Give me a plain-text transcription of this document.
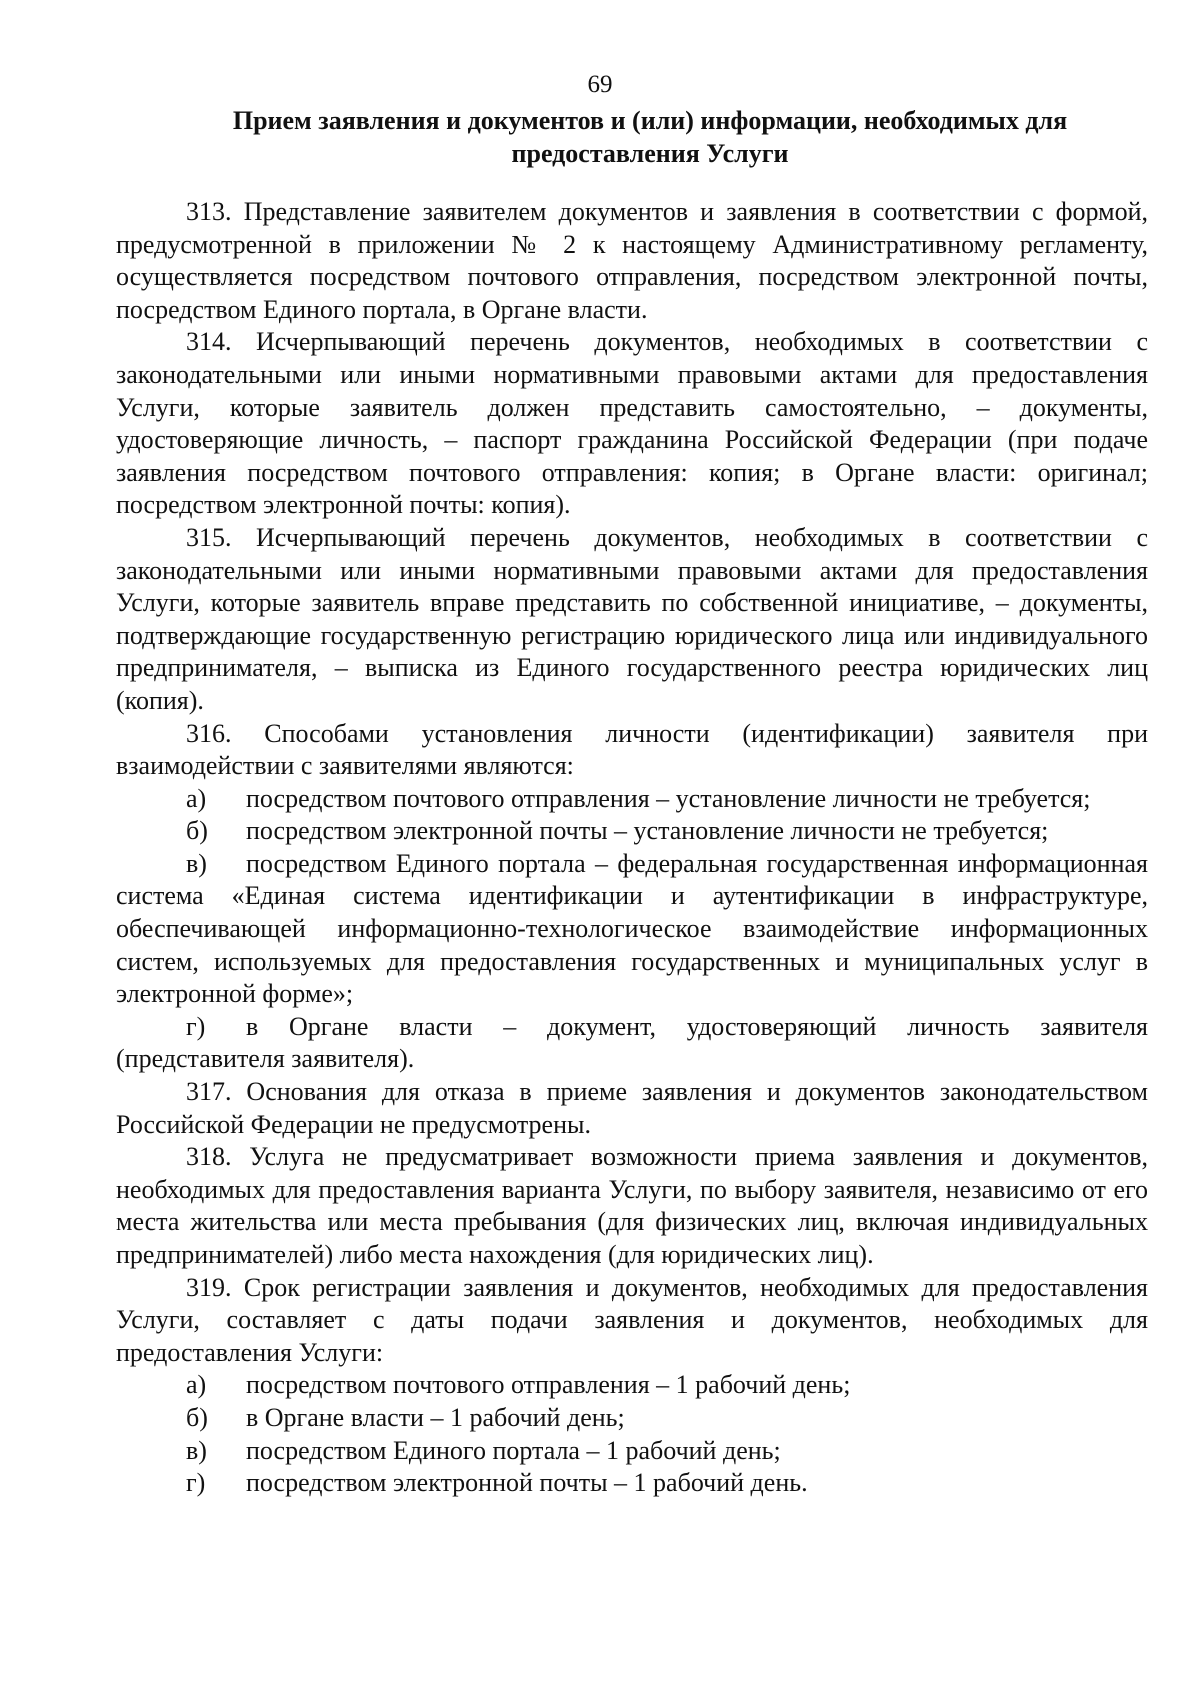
69
Прием заявления и документов и (или) информации, необходимых для
предоставления Услуги

313. Представление заявителем документов и заявления в соответствии с формой, предусмотренной в приложении № 2 к настоящему Административному регламенту, осуществляется посредством почтового отправления, посредством электронной почты, посредством Единого портала, в Органе власти.

314. Исчерпывающий перечень документов, необходимых в соответствии с законодательными или иными нормативными правовыми актами для предоставления Услуги, которые заявитель должен представить самостоятельно, – документы, удостоверяющие личность, – паспорт гражданина Российской Федерации (при подаче заявления посредством почтового отправления: копия; в Органе власти: оригинал; посредством электронной почты: копия).

315. Исчерпывающий перечень документов, необходимых в соответствии с законодательными или иными нормативными правовыми актами для предоставления Услуги, которые заявитель вправе представить по собственной инициативе, – документы, подтверждающие государственную регистрацию юридического лица или индивидуального предпринимателя, – выписка из Единого государственного реестра юридических лиц (копия).

316. Способами установления личности (идентификации) заявителя при взаимодействии с заявителями являются:

а) посредством почтового отправления – установление личности не требуется;

б) посредством электронной почты – установление личности не требуется;

в) посредством Единого портала – федеральная государственная информационная система «Единая система идентификации и аутентификации в инфраструктуре, обеспечивающей информационно-технологическое взаимодействие информационных систем, используемых для предоставления государственных и муниципальных услуг в электронной форме»;

г) в Органе власти – документ, удостоверяющий личность заявителя (представителя заявителя).

317. Основания для отказа в приеме заявления и документов законодательством Российской Федерации не предусмотрены.

318. Услуга не предусматривает возможности приема заявления и документов, необходимых для предоставления варианта Услуги, по выбору заявителя, независимо от его места жительства или места пребывания (для физических лиц, включая индивидуальных предпринимателей) либо места нахождения (для юридических лиц).

319. Срок регистрации заявления и документов, необходимых для предоставления Услуги, составляет с даты подачи заявления и документов, необходимых для предоставления Услуги:

а) посредством почтового отправления – 1 рабочий день;

б) в Органе власти – 1 рабочий день;

в) посредством Единого портала – 1 рабочий день;

г) посредством электронной почты – 1 рабочий день.
